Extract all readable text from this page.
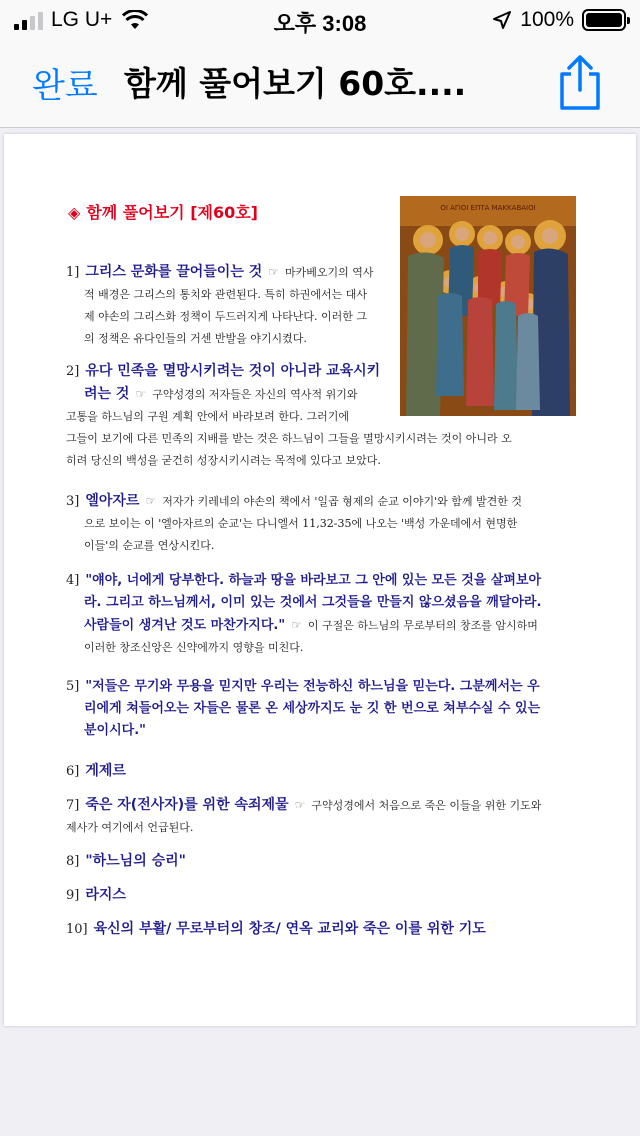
LG U+	오후 3:08	100%
완료 함께 풀어보기 60호....
◈ 함께 풀어보기 [제60호]	ΟΙ ΑΓΙΟΙ ΕΠΤΑ ΜΑΚΚΑΒΑΙΟΙ
1] 그리스 문화를 끌어들이는 것 ☞ 마카베오기의 역사
적 배경은 그리스의 통치와 관련된다. 특히 하권에서는 대사
제 야손의 그리스화 정책이 두드러지게 나타난다. 이러한 그
의 정책은 유다인들의 거센 반발을 야기시켰다.
2] 유다 민족을 멸망시키려는 것이 아니라 교육시키
려는 것 ☞ 구약성경의 저자들은 자신의 역사적 위기와
고통을 하느님의 구원 계획 안에서 바라보려 한다. 그러기에
그들이 보기에 다른 민족의 지배를 받는 것은 하느님이 그들을 멸망시키시려는 것이 아니라 오
히려 당신의 백성을 굳건히 성장시키시려는 목적에 있다고 보았다.
3] 엘아자르 ☞ 저자가 키레네의 야손의 책에서 '일곱 형제의 순교 이야기'와 함께 발견한 것
으로 보이는 이 '엘아자르의 순교'는 다니엘서 11,32-35에 나오는 '백성 가운데에서 현명한
이들'의 순교를 연상시킨다.
4] "얘야, 너에게 당부한다. 하늘과 땅을 바라보고 그 안에 있는 모든 것을 살펴보아
라. 그리고 하느님께서, 이미 있는 것에서 그것들을 만들지 않으셨음을 깨달아라.
사람들이 생겨난 것도 마찬가지다." ☞ 이 구절은 하느님의 무로부터의 창조를 암시하며
이러한 창조신앙은 신약에까지 영향을 미친다.
5] "저들은 무기와 무용을 믿지만 우리는 전능하신 하느님을 믿는다. 그분께서는 우
리에게 쳐들어오는 자들은 물론 온 세상까지도 눈 깃 한 번으로 쳐부수실 수 있는
분이시다."
6] 게제르
7] 죽은 자(전사자)를 위한 속죄제물 ☞ 구약성경에서 처음으로 죽은 이들을 위한 기도와
제사가 여기에서 언급된다.
8] "하느님의 승리"
9] 라지스
10] 육신의 부활/ 무로부터의 창조/ 연옥 교리와 죽은 이를 위한 기도
